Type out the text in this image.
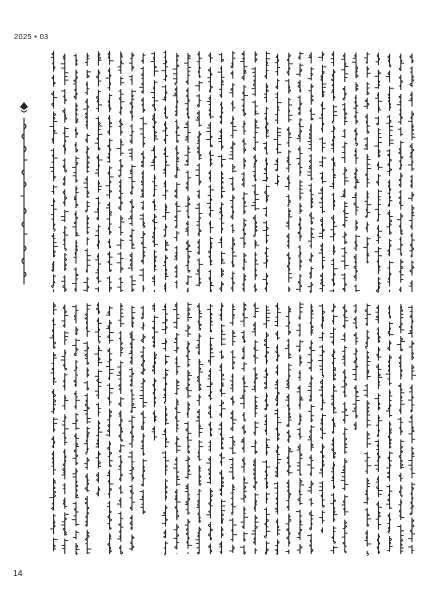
2025 • 03
14
